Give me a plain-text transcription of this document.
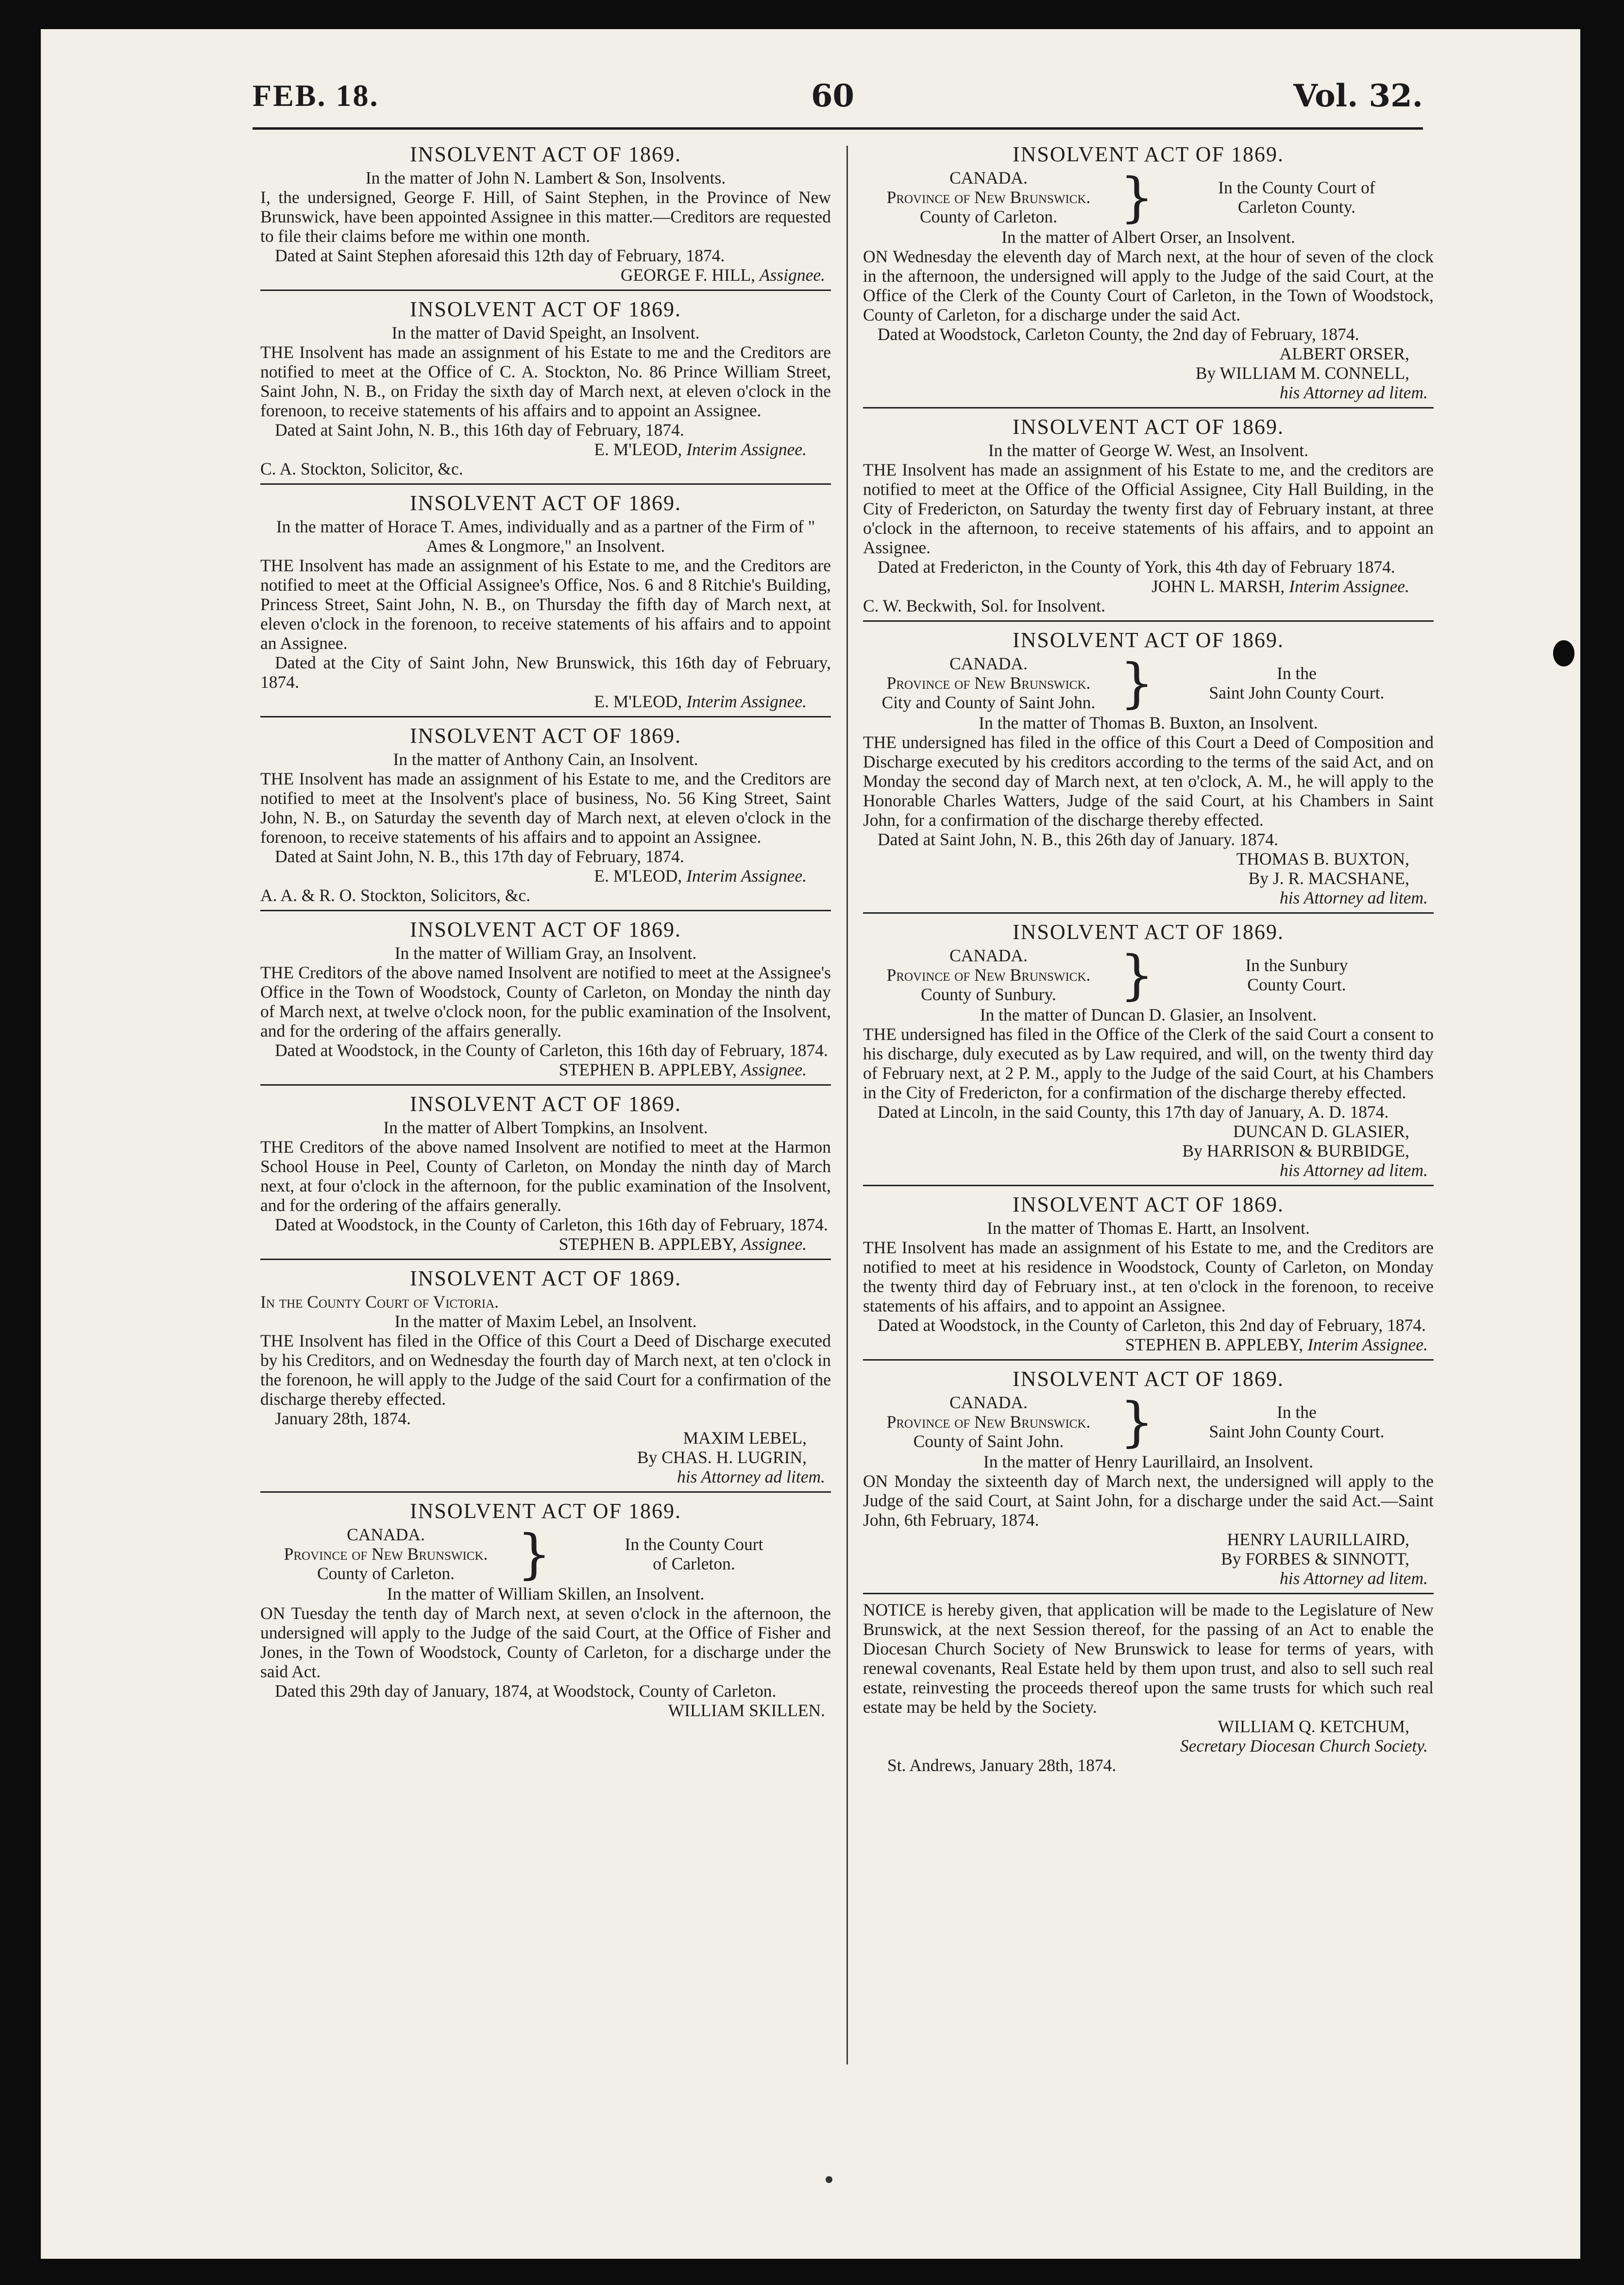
FEB. 18.	60	Vol. 32.
INSOLVENT ACT OF 1869.

In the matter of John N. Lambert & Son, Insolvents.

I, the undersigned, George F. Hill, of Saint Stephen, in the Province of New Brunswick, have been appointed Assignee in this matter.—Creditors are requested to file their claims before me within one month.

Dated at Saint Stephen aforesaid this 12th day of February, 1874.

GEORGE F. HILL, Assignee.

INSOLVENT ACT OF 1869.

In the matter of David Speight, an Insolvent.

THE Insolvent has made an assignment of his Estate to me and the Creditors are notified to meet at the Office of C. A. Stockton, No. 86 Prince William Street, Saint John, N. B., on Friday the sixth day of March next, at eleven o'clock in the forenoon, to receive statements of his affairs and to appoint an Assignee.

Dated at Saint John, N. B., this 16th day of February, 1874.

E. M'LEOD, Interim Assignee.

C. A. Stockton, Solicitor, &c.

INSOLVENT ACT OF 1869.

In the matter of Horace T. Ames, individually and as a partner of the Firm of " Ames & Longmore," an Insolvent.

THE Insolvent has made an assignment of his Estate to me, and the Creditors are notified to meet at the Official Assignee's Office, Nos. 6 and 8 Ritchie's Building, Princess Street, Saint John, N. B., on Thursday the fifth day of March next, at eleven o'clock in the forenoon, to receive statements of his affairs and to appoint an Assignee.

Dated at the City of Saint John, New Brunswick, this 16th day of February, 1874.

E. M'LEOD, Interim Assignee.

INSOLVENT ACT OF 1869.

In the matter of Anthony Cain, an Insolvent.

THE Insolvent has made an assignment of his Estate to me, and the Creditors are notified to meet at the Insolvent's place of business, No. 56 King Street, Saint John, N. B., on Saturday the seventh day of March next, at eleven o'clock in the forenoon, to receive statements of his affairs and to appoint an Assignee.

Dated at Saint John, N. B., this 17th day of February, 1874.

E. M'LEOD, Interim Assignee.

A. A. & R. O. Stockton, Solicitors, &c.

INSOLVENT ACT OF 1869.

In the matter of William Gray, an Insolvent.

THE Creditors of the above named Insolvent are notified to meet at the Assignee's Office in the Town of Woodstock, County of Carleton, on Monday the ninth day of March next, at twelve o'clock noon, for the public examination of the Insolvent, and for the ordering of the affairs generally.

Dated at Woodstock, in the County of Carleton, this 16th day of February, 1874.

STEPHEN B. APPLEBY, Assignee.

INSOLVENT ACT OF 1869.

In the matter of Albert Tompkins, an Insolvent.

THE Creditors of the above named Insolvent are notified to meet at the Harmon School House in Peel, County of Carleton, on Monday the ninth day of March next, at four o'clock in the afternoon, for the public examination of the Insolvent, and for the ordering of the affairs generally.

Dated at Woodstock, in the County of Carleton, this 16th day of February, 1874.

STEPHEN B. APPLEBY, Assignee.

INSOLVENT ACT OF 1869.

In the County Court of Victoria.

In the matter of Maxim Lebel, an Insolvent.

THE Insolvent has filed in the Office of this Court a Deed of Discharge executed by his Creditors, and on Wednesday the fourth day of March next, at ten o'clock in the forenoon, he will apply to the Judge of the said Court for a confirmation of the discharge thereby effected.

January 28th, 1874.

MAXIM LEBEL,

By CHAS. H. LUGRIN,

his Attorney ad litem.

INSOLVENT ACT OF 1869.
CANADA.
Province of New Brunswick.
County of Carleton.	}	In the County Court
of Carleton.

In the matter of William Skillen, an Insolvent.

ON Tuesday the tenth day of March next, at seven o'clock in the afternoon, the undersigned will apply to the Judge of the said Court, at the Office of Fisher and Jones, in the Town of Woodstock, County of Carleton, for a discharge under the said Act.

Dated this 29th day of January, 1874, at Woodstock, County of Carleton.

WILLIAM SKILLEN.

INSOLVENT ACT OF 1869.
CANADA.
Province of New Brunswick.
County of Carleton.	}	In the County Court of
Carleton County.

In the matter of Albert Orser, an Insolvent.

ON Wednesday the eleventh day of March next, at the hour of seven of the clock in the afternoon, the undersigned will apply to the Judge of the said Court, at the Office of the Clerk of the County Court of Carleton, in the Town of Woodstock, County of Carleton, for a discharge under the said Act.

Dated at Woodstock, Carleton County, the 2nd day of February, 1874.

ALBERT ORSER,

By WILLIAM M. CONNELL,

his Attorney ad litem.

INSOLVENT ACT OF 1869.

In the matter of George W. West, an Insolvent.

THE Insolvent has made an assignment of his Estate to me, and the creditors are notified to meet at the Office of the Official Assignee, City Hall Building, in the City of Fredericton, on Saturday the twenty first day of February instant, at three o'clock in the afternoon, to receive statements of his affairs, and to appoint an Assignee.

Dated at Fredericton, in the County of York, this 4th day of February 1874.

JOHN L. MARSH, Interim Assignee.

C. W. Beckwith, Sol. for Insolvent.

INSOLVENT ACT OF 1869.
CANADA.
Province of New Brunswick.
City and County of Saint John. }	In the
Saint John County Court.

In the matter of Thomas B. Buxton, an Insolvent.

THE undersigned has filed in the office of this Court a Deed of Composition and Discharge executed by his creditors according to the terms of the said Act, and on Monday the second day of March next, at ten o'clock, A. M., he will apply to the Honorable Charles Watters, Judge of the said Court, at his Chambers in Saint John, for a confirmation of the discharge thereby effected.

Dated at Saint John, N. B., this 26th day of January. 1874.

THOMAS B. BUXTON,

By J. R. MACSHANE,

his Attorney ad litem.

INSOLVENT ACT OF 1869.
CANADA.
Province of New Brunswick.
County of Sunbury.	}	In the Sunbury
County Court.

In the matter of Duncan D. Glasier, an Insolvent.

THE undersigned has filed in the Office of the Clerk of the said Court a consent to his discharge, duly executed as by Law required, and will, on the twenty third day of February next, at 2 P. M., apply to the Judge of the said Court, at his Chambers in the City of Fredericton, for a confirmation of the discharge thereby effected.

Dated at Lincoln, in the said County, this 17th day of January, A. D. 1874.

DUNCAN D. GLASIER,

By HARRISON & BURBIDGE,

his Attorney ad litem.

INSOLVENT ACT OF 1869.

In the matter of Thomas E. Hartt, an Insolvent.

THE Insolvent has made an assignment of his Estate to me, and the Creditors are notified to meet at his residence in Woodstock, County of Carleton, on Monday the twenty third day of February inst., at ten o'clock in the forenoon, to receive statements of his affairs, and to appoint an Assignee.

Dated at Woodstock, in the County of Carleton, this 2nd day of February, 1874.

STEPHEN B. APPLEBY, Interim Assignee.

INSOLVENT ACT OF 1869.
CANADA.
Province of New Brunswick.
County of Saint John.	}	In the
Saint John County Court.

In the matter of Henry Laurillaird, an Insolvent.

ON Monday the sixteenth day of March next, the undersigned will apply to the Judge of the said Court, at Saint John, for a discharge under the said Act.—Saint John, 6th February, 1874.

HENRY LAURILLAIRD,

By FORBES & SINNOTT,

his Attorney ad litem.

NOTICE is hereby given, that application will be made to the Legislature of New Brunswick, at the next Session thereof, for the passing of an Act to enable the Diocesan Church Society of New Brunswick to lease for terms of years, with renewal covenants, Real Estate held by them upon trust, and also to sell such real estate, reinvesting the proceeds thereof upon the same trusts for which such real estate may be held by the Society.

WILLIAM Q. KETCHUM,

Secretary Diocesan Church Society.

St. Andrews, January 28th, 1874.
